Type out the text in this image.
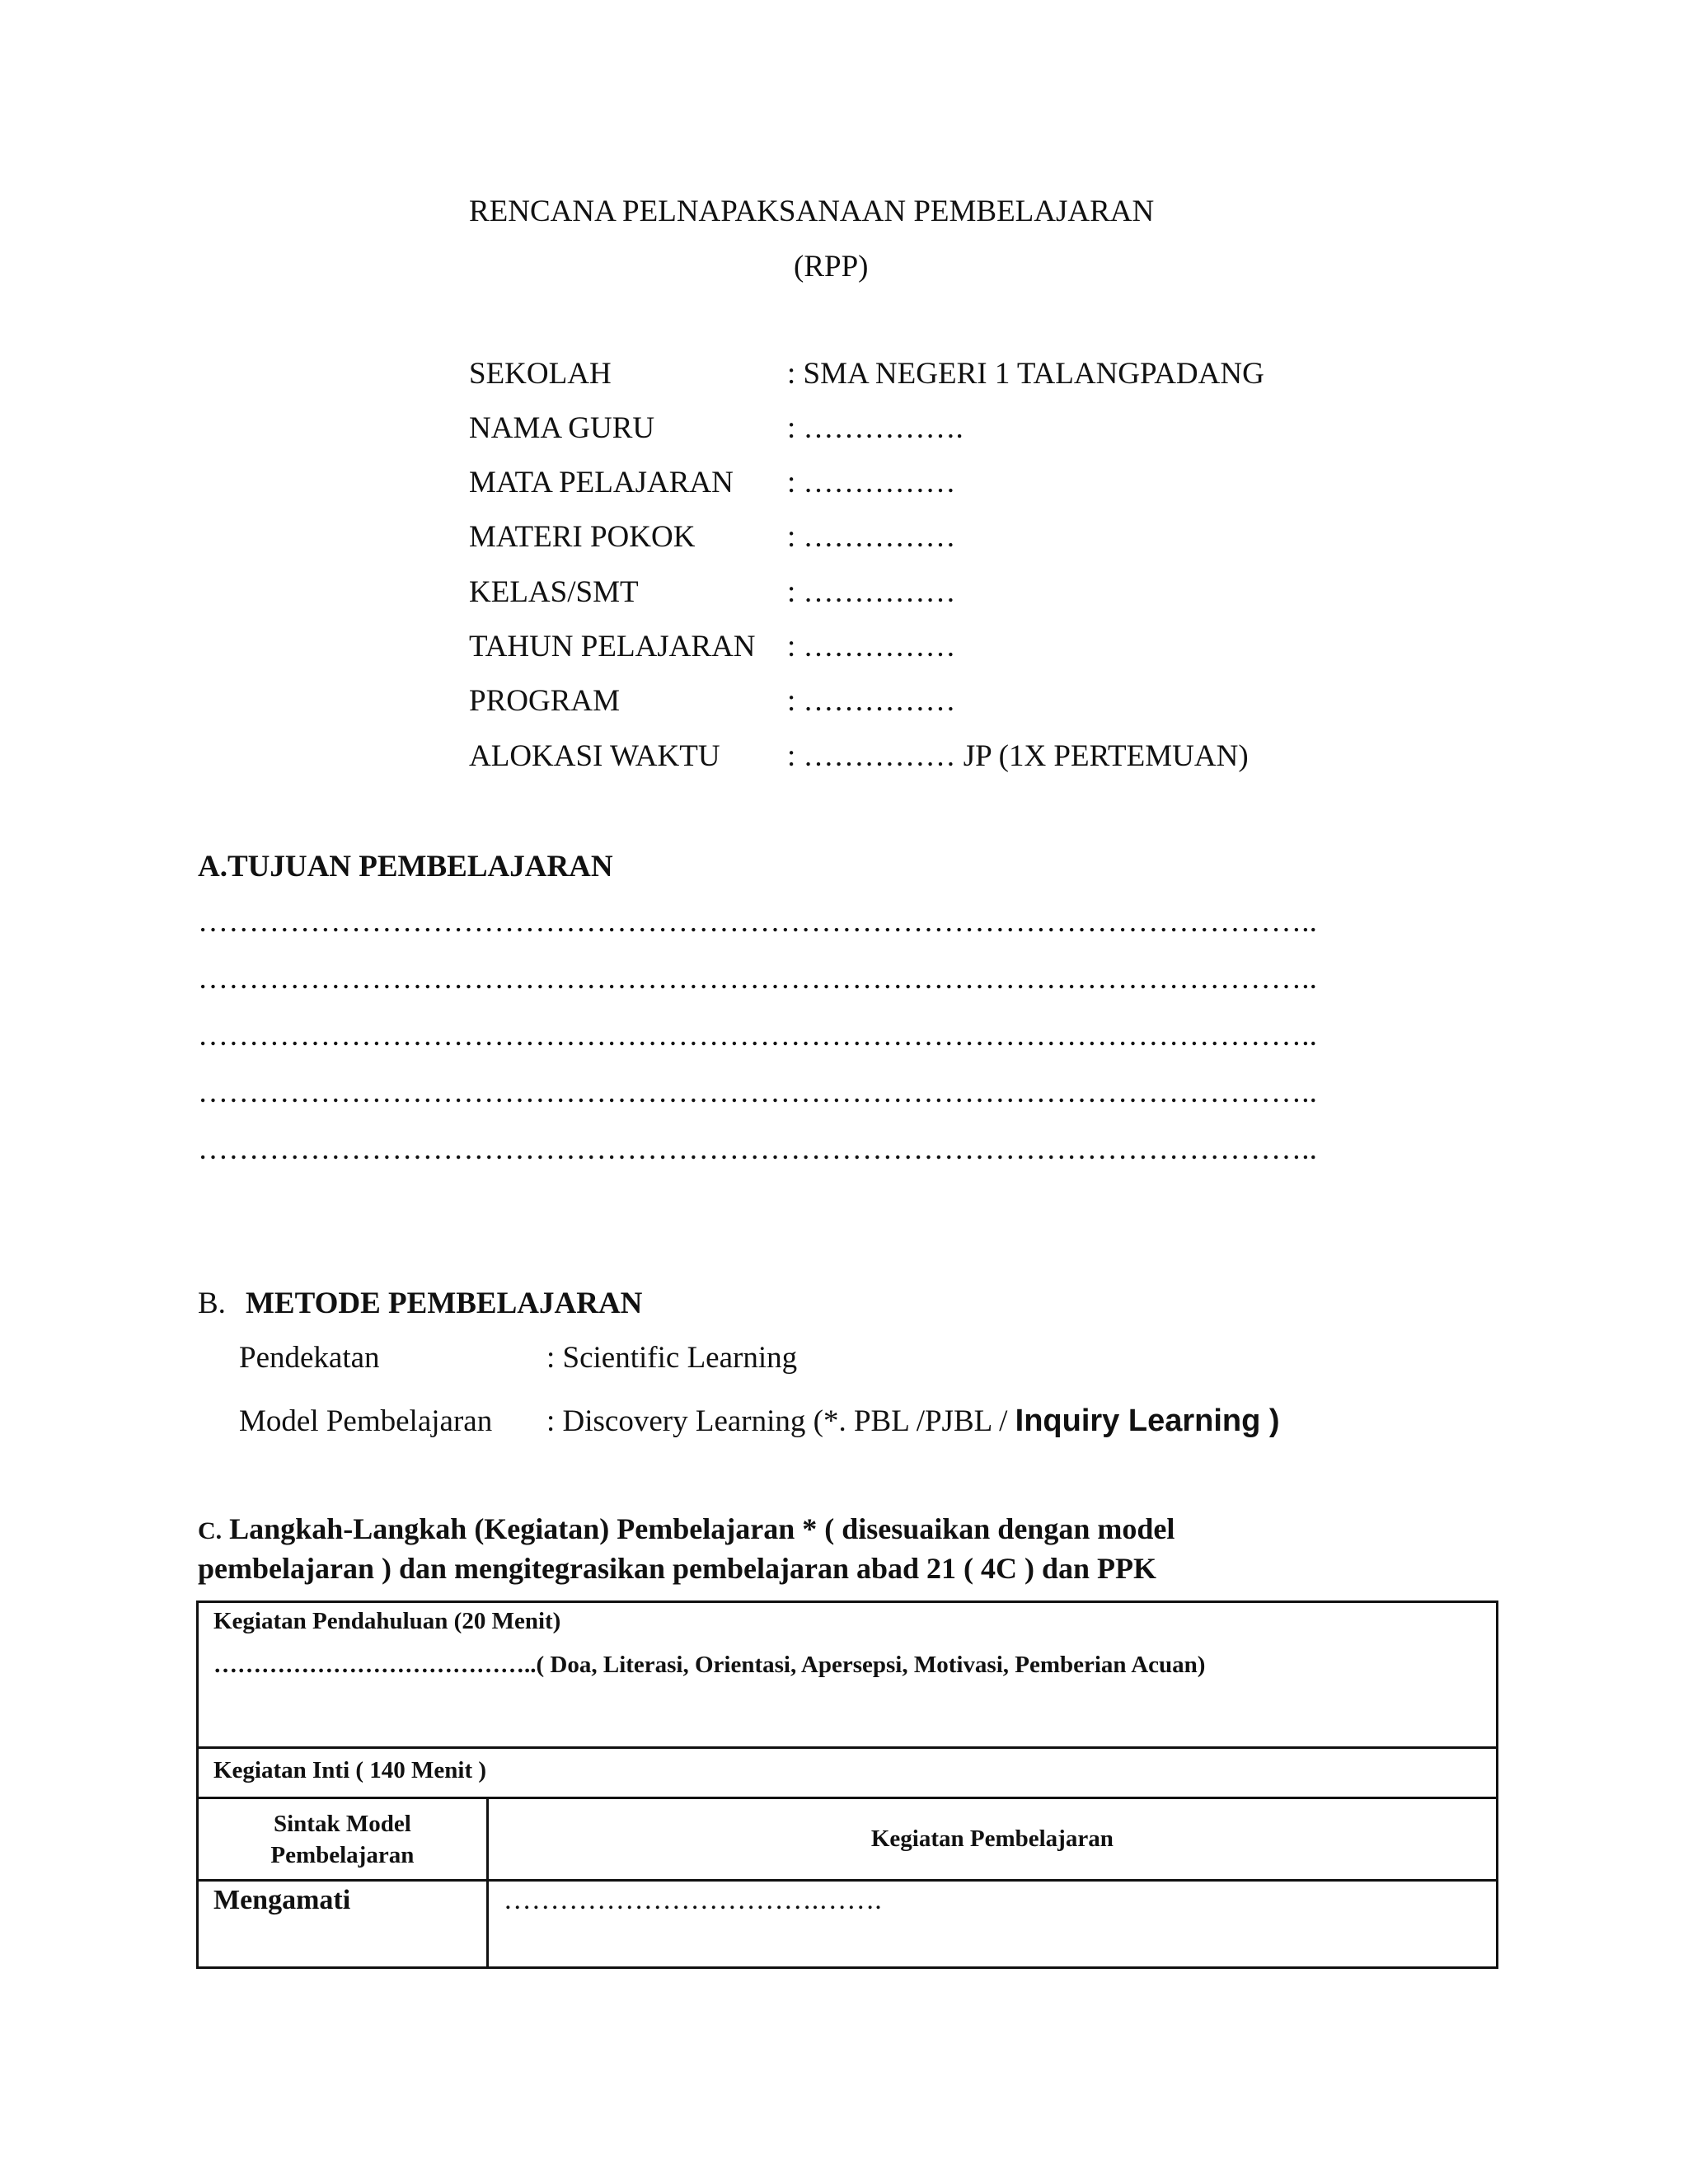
RENCANA PELNAPAKSANAAN PEMBELAJARAN
(RPP)
SEKOLAH	: SMA NEGERI 1 TALANGPADANG
NAMA GURU	: …………….
MATA PELAJARAN : ……………
MATERI POKOK	: ……………
KELAS/SMT	: ……………
TAHUN PELAJARAN : ……………
PROGRAM	: ……………
ALOKASI WAKTU : …………… JP (1X PERTEMUAN)
A.TUJUAN PEMBELAJARAN
………………………………………………………………………………………………..
………………………………………………………………………………………………..
………………………………………………………………………………………………..
………………………………………………………………………………………………..
………………………………………………………………………………………………..
B. METODE PEMBELAJARAN
Pendekatan	: Scientific Learning
Model Pembelajaran : Discovery Learning (*. PBL /PJBL / Inquiry Learning )
C. Langkah-Langkah (Kegiatan) Pembelajaran * ( disesuaikan dengan model
pembelajaran ) dan mengitegrasikan pembelajaran abad 21 ( 4C ) dan PPK
Kegiatan Pendahuluan (20 Menit)
…………………………………..( Doa, Literasi, Orientasi, Apersepsi, Motivasi, Pemberian Acuan)	

Kegiatan Inti ( 140 Menit )	

Sintak Model Pembelajaran	Kegiatan Pembelajaran

Mengamati	…………………………….…….
